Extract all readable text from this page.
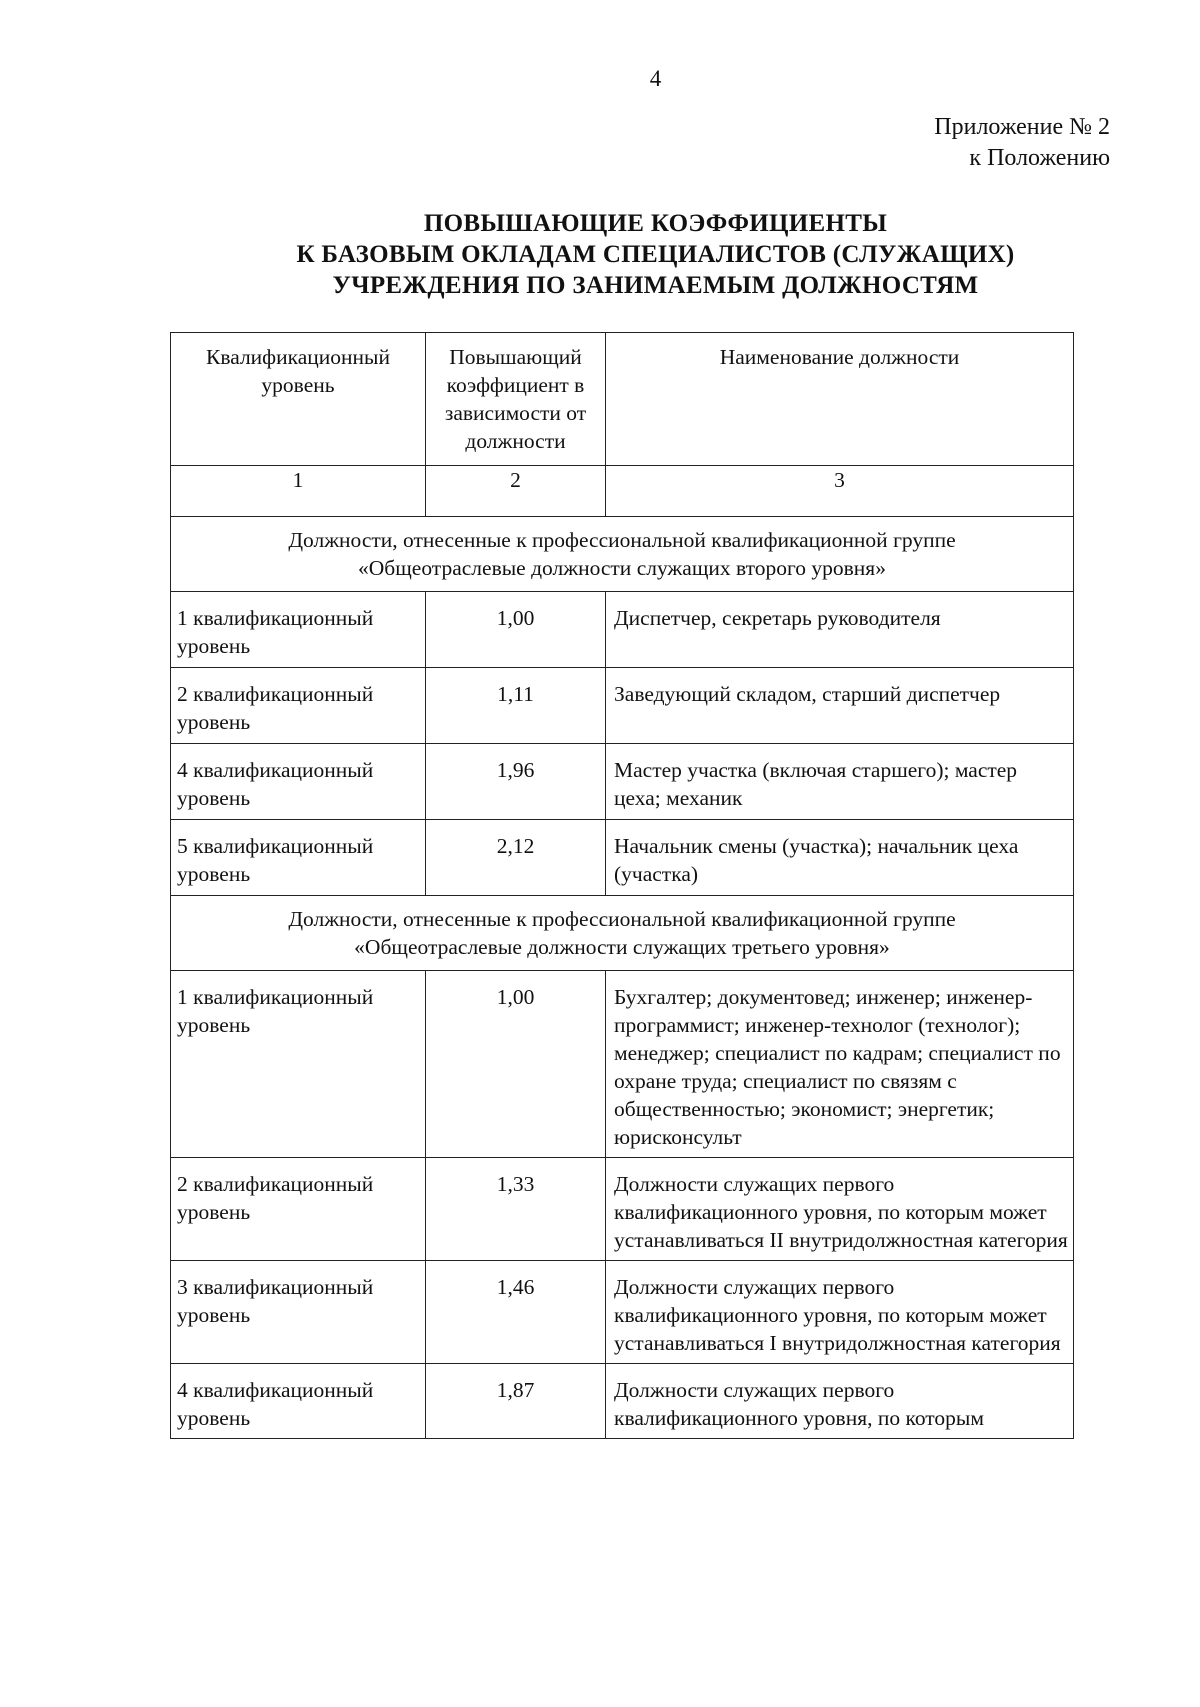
4
Приложение № 2
к Положению
ПОВЫШАЮЩИЕ КОЭФФИЦИЕНТЫ
К БАЗОВЫМ ОКЛАДАМ СПЕЦИАЛИСТОВ (СЛУЖАЩИХ)
УЧРЕЖДЕНИЯ ПО ЗАНИМАЕМЫМ ДОЛЖНОСТЯМ
Квалификационный уровень	Повышающий коэффициент в зависимости от должности	Наименование должности
1	2	3

Должности, отнесенные к профессиональной квалификационной группе
«Общеотраслевые должности служащих второго уровня»		

1 квалификационный уровень	1,00	Диспетчер, секретарь руководителя
2 квалификационный уровень	1,11	Заведующий складом, старший диспетчер
4 квалификационный уровень	1,96	Мастер участка (включая старшего); мастер цеха; механик
5 квалификационный уровень	2,12	Начальник смены (участка); начальник цеха (участка)

Должности, отнесенные к профессиональной квалификационной группе
«Общеотраслевые должности служащих третьего уровня»		

1 квалификационный уровень	1,00	Бухгалтер; документовед; инженер; инженер-программист; инженер-технолог (технолог); менеджер; специалист по кадрам; специалист по охране труда; специалист по связям с общественностью; экономист; энергетик; юрисконсульт
2 квалификационный уровень	1,33	Должности служащих первого квалификационного уровня, по которым может устанавливаться II внутридолжностная категория
3 квалификационный уровень	1,46	Должности служащих первого квалификационного уровня, по которым может устанавливаться I внутридолжностная категория
4 квалификационный уровень	1,87	Должности служащих первого квалификационного уровня, по которым
